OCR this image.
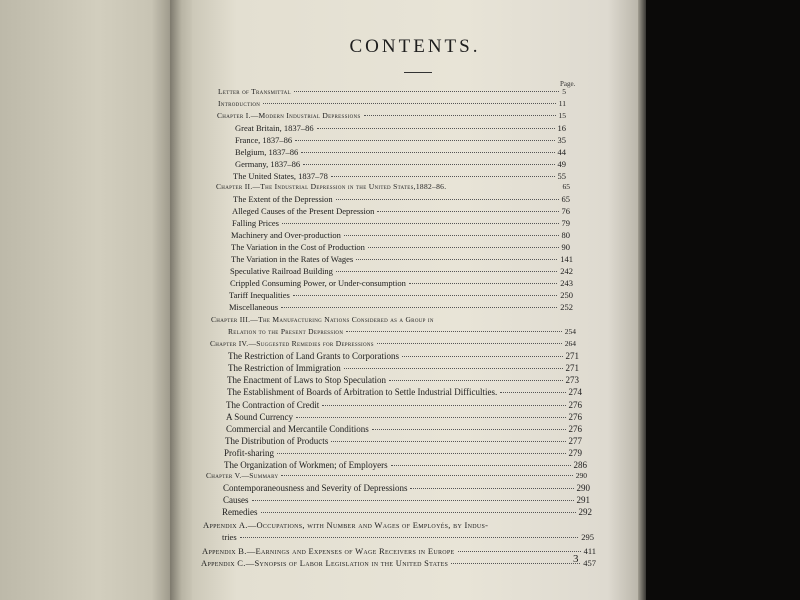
CONTENTS.
Page.
Letter of Transmittal	5
Introduction	11
Chapter I.—Modern Industrial Depressions	15
Great Britain, 1837–86	16
France, 1837–86	35
Belgium, 1837–86	44
Germany, 1837–86	49
The United States, 1837–78	55
Chapter II.—The Industrial Depression in the United States,1882–86.	65
The Extent of the Depression	65
Alleged Causes of the Present Depression	76
Falling Prices	79
Machinery and Over-production	80
The Variation in the Cost of Production	90
The Variation in the Rates of Wages	141
Speculative Railroad Building	242
Crippled Consuming Power, or Under-consumption	243
Tariff Inequalities	250
Miscellaneous	252
Chapter III.—The Manufacturing Nations Considered as a Group in
Relation to the Present Depression	254
Chapter IV.—Suggested Remedies for Depressions	264
The Restriction of Land Grants to Corporations	271
The Restriction of Immigration	271
The Enactment of Laws to Stop Speculation	273
The Establishment of Boards of Arbitration to Settle Industrial Difficulties.	274
The Contraction of Credit	276
A Sound Currency	276
Commercial and Mercantile Conditions	276
The Distribution of Products	277
Profit-sharing	279
The Organization of Workmen; of Employers	286
Chapter V.—Summary	290
Contemporaneousness and Severity of Depressions	290
Causes	291
Remedies	292
Appendix A.—Occupations, with Number and Wages of Employés, by Indus-
tries	295
Appendix B.—Earnings and Expenses of Wage Receivers in Europe	411
Appendix C.—Synopsis of Labor Legislation in the United States	457
3
